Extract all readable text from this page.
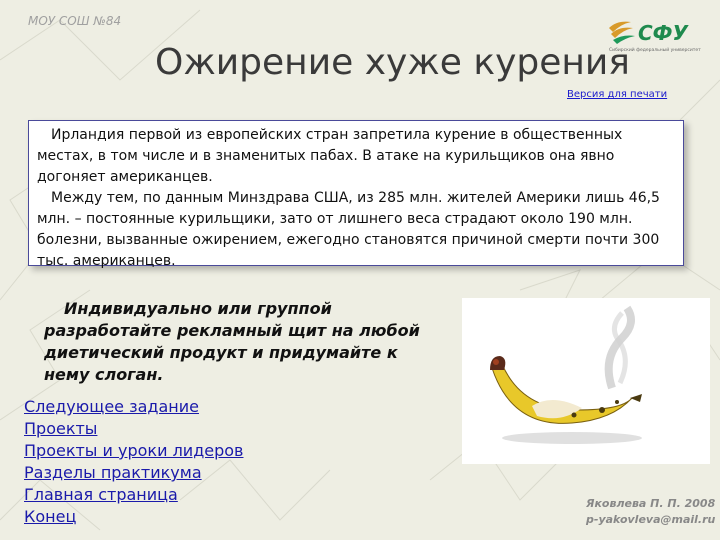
МОУ СОШ №84
Ожирение хуже курения
СФУ
Сибирский федеральный университет
Версия для печати

Ирландия первой из европейских стран запретила курение в общественных местах, в том числе и в знаменитых пабах. В атаке на курильщиков она явно догоняет американцев.

Между тем, по данным Минздрава США, из 285 млн. жителей Америки лишь 46,5 млн. – постоянные курильщики, зато от лишнего веса страдают около 190 млн. болезни, вызванные ожирением, ежегодно становятся причиной смерти почти 300 тыс. американцев.

Индивидуально или группой разработайте рекламный щит на любой диетический продукт и придумайте к нему слоган.
Следующее задание
Проекты
Проекты и уроки лидеров
Разделы практикума
Главная страница
Конец
Яковлева П. П. 2008
p-yakovleva@mail.ru
